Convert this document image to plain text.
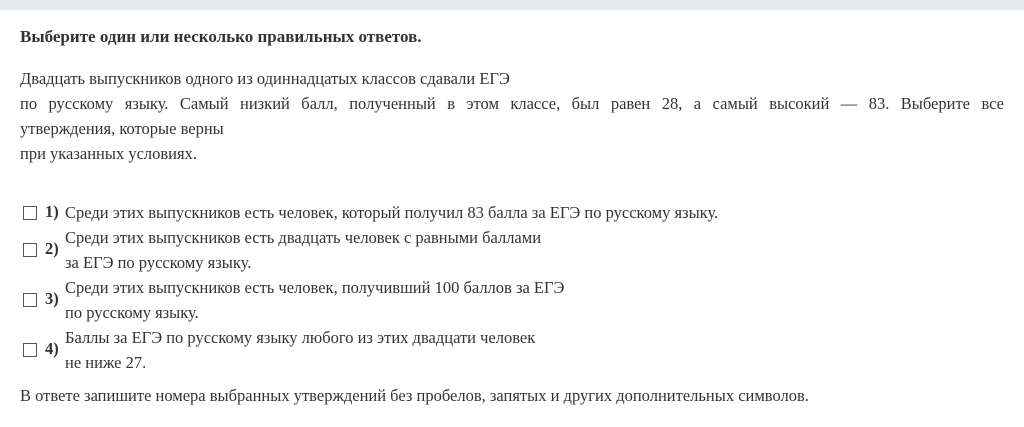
Выберите один или несколько правильных ответов.
Двадцать выпускников одного из одиннадцатых классов сдавали ЕГЭ
по русскому языку. Самый низкий балл, полученный в этом классе, был равен 28, а самый высокий — 83. Выберите все
утверждения, которые верны
при указанных условиях.
1) Среди этих выпускников есть человек, который получил 83 балла за ЕГЭ по русскому языку.
2)
Среди этих выпускников есть двадцать человек с равными баллами
за ЕГЭ по русскому языку.
3)
Среди этих выпускников есть человек, получивший 100 баллов за ЕГЭ
по русскому языку.
4)
Баллы за ЕГЭ по русскому языку любого из этих двадцати человек
не ниже 27.
В ответе запишите номера выбранных утверждений без пробелов, запятых и других дополнительных символов.
